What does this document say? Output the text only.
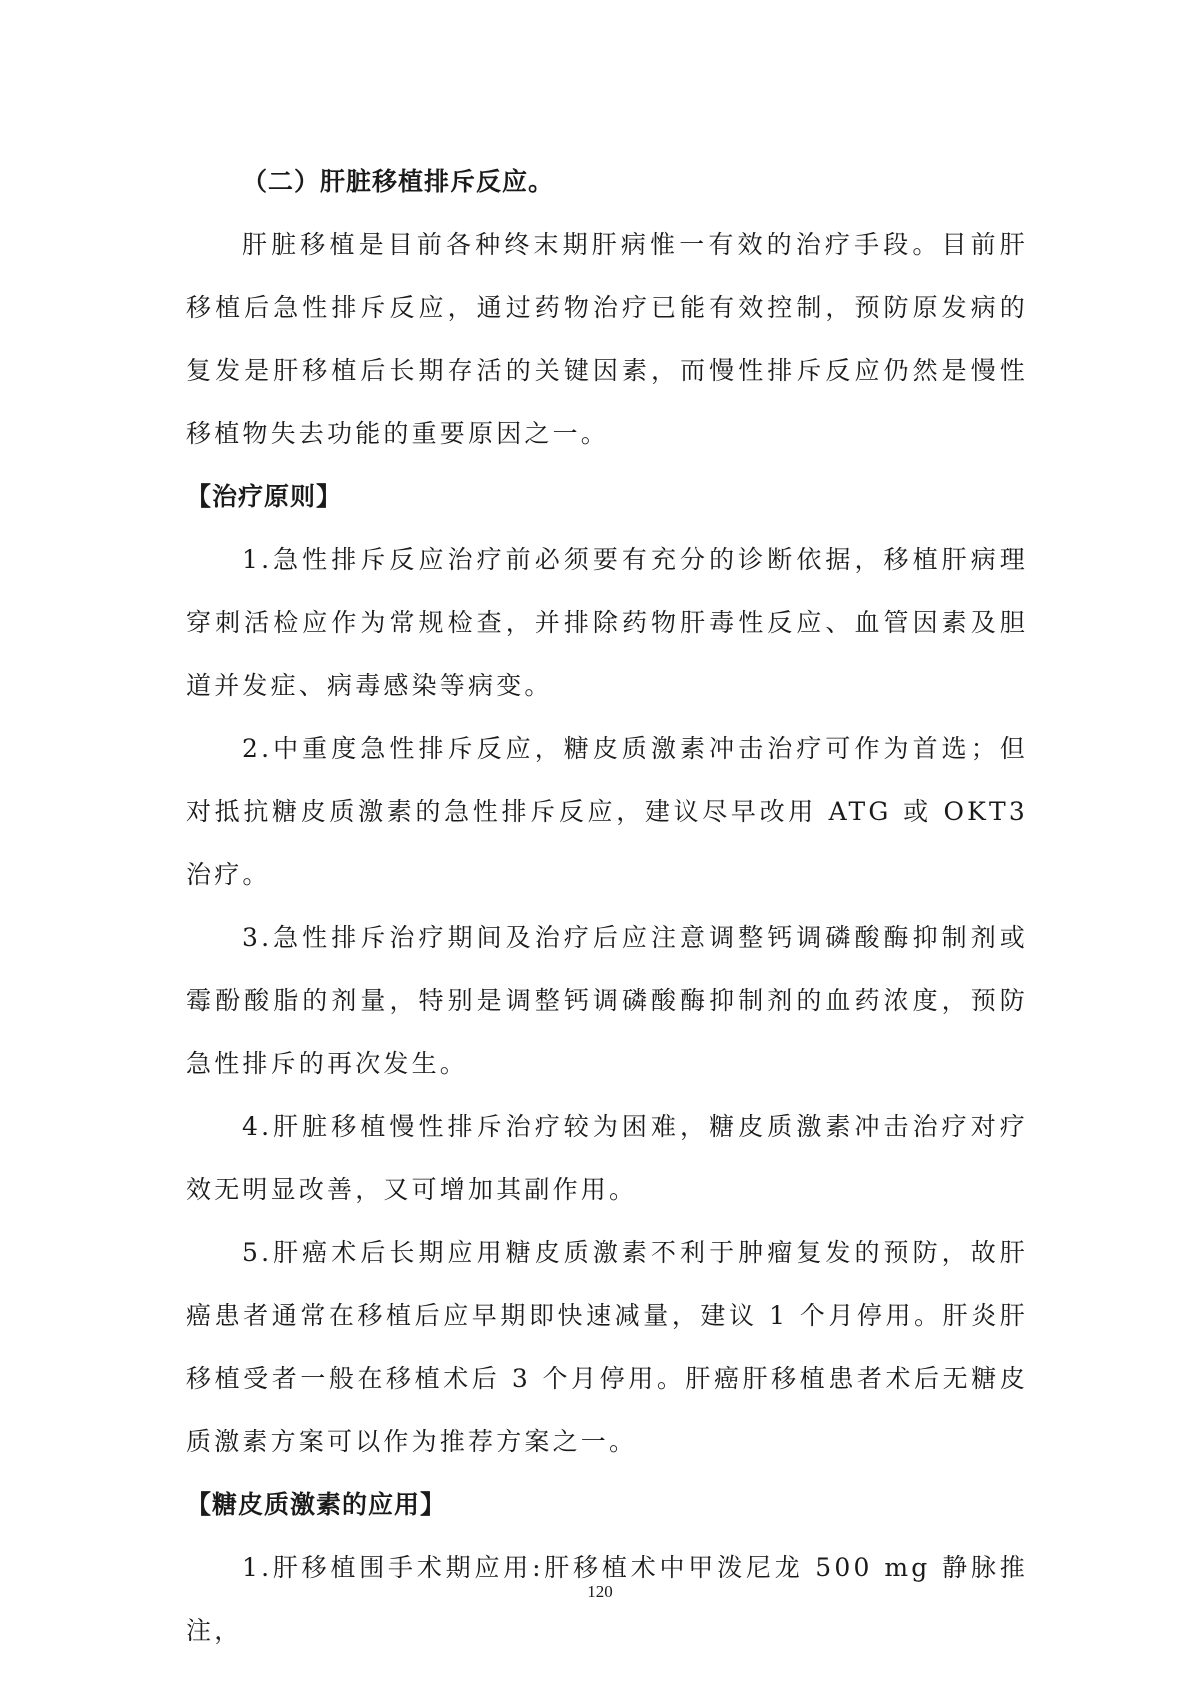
（二）肝脏移植排斥反应。

肝脏移植是目前各种终末期肝病惟一有效的治疗手段。目前肝移植后急性排斥反应，通过药物治疗已能有效控制，预防原发病的复发是肝移植后长期存活的关键因素，而慢性排斥反应仍然是慢性移植物失去功能的重要原因之一。

【治疗原则】

1.急性排斥反应治疗前必须要有充分的诊断依据，移植肝病理穿刺活检应作为常规检查，并排除药物肝毒性反应、血管因素及胆道并发症、病毒感染等病变。

2.中重度急性排斥反应，糖皮质激素冲击治疗可作为首选；但对抵抗糖皮质激素的急性排斥反应，建议尽早改用 ATG 或 OKT3 治疗。

3.急性排斥治疗期间及治疗后应注意调整钙调磷酸酶抑制剂或霉酚酸脂的剂量，特别是调整钙调磷酸酶抑制剂的血药浓度，预防急性排斥的再次发生。

4.肝脏移植慢性排斥治疗较为困难，糖皮质激素冲击治疗对疗效无明显改善，又可增加其副作用。

5.肝癌术后长期应用糖皮质激素不利于肿瘤复发的预防，故肝癌患者通常在移植后应早期即快速减量，建议 1 个月停用。肝炎肝移植受者一般在移植术后 3 个月停用。肝癌肝移植患者术后无糖皮质激素方案可以作为推荐方案之一。

【糖皮质激素的应用】

1.肝移植围手术期应用:肝移植术中甲泼尼龙 500 mg 静脉推注，

120
